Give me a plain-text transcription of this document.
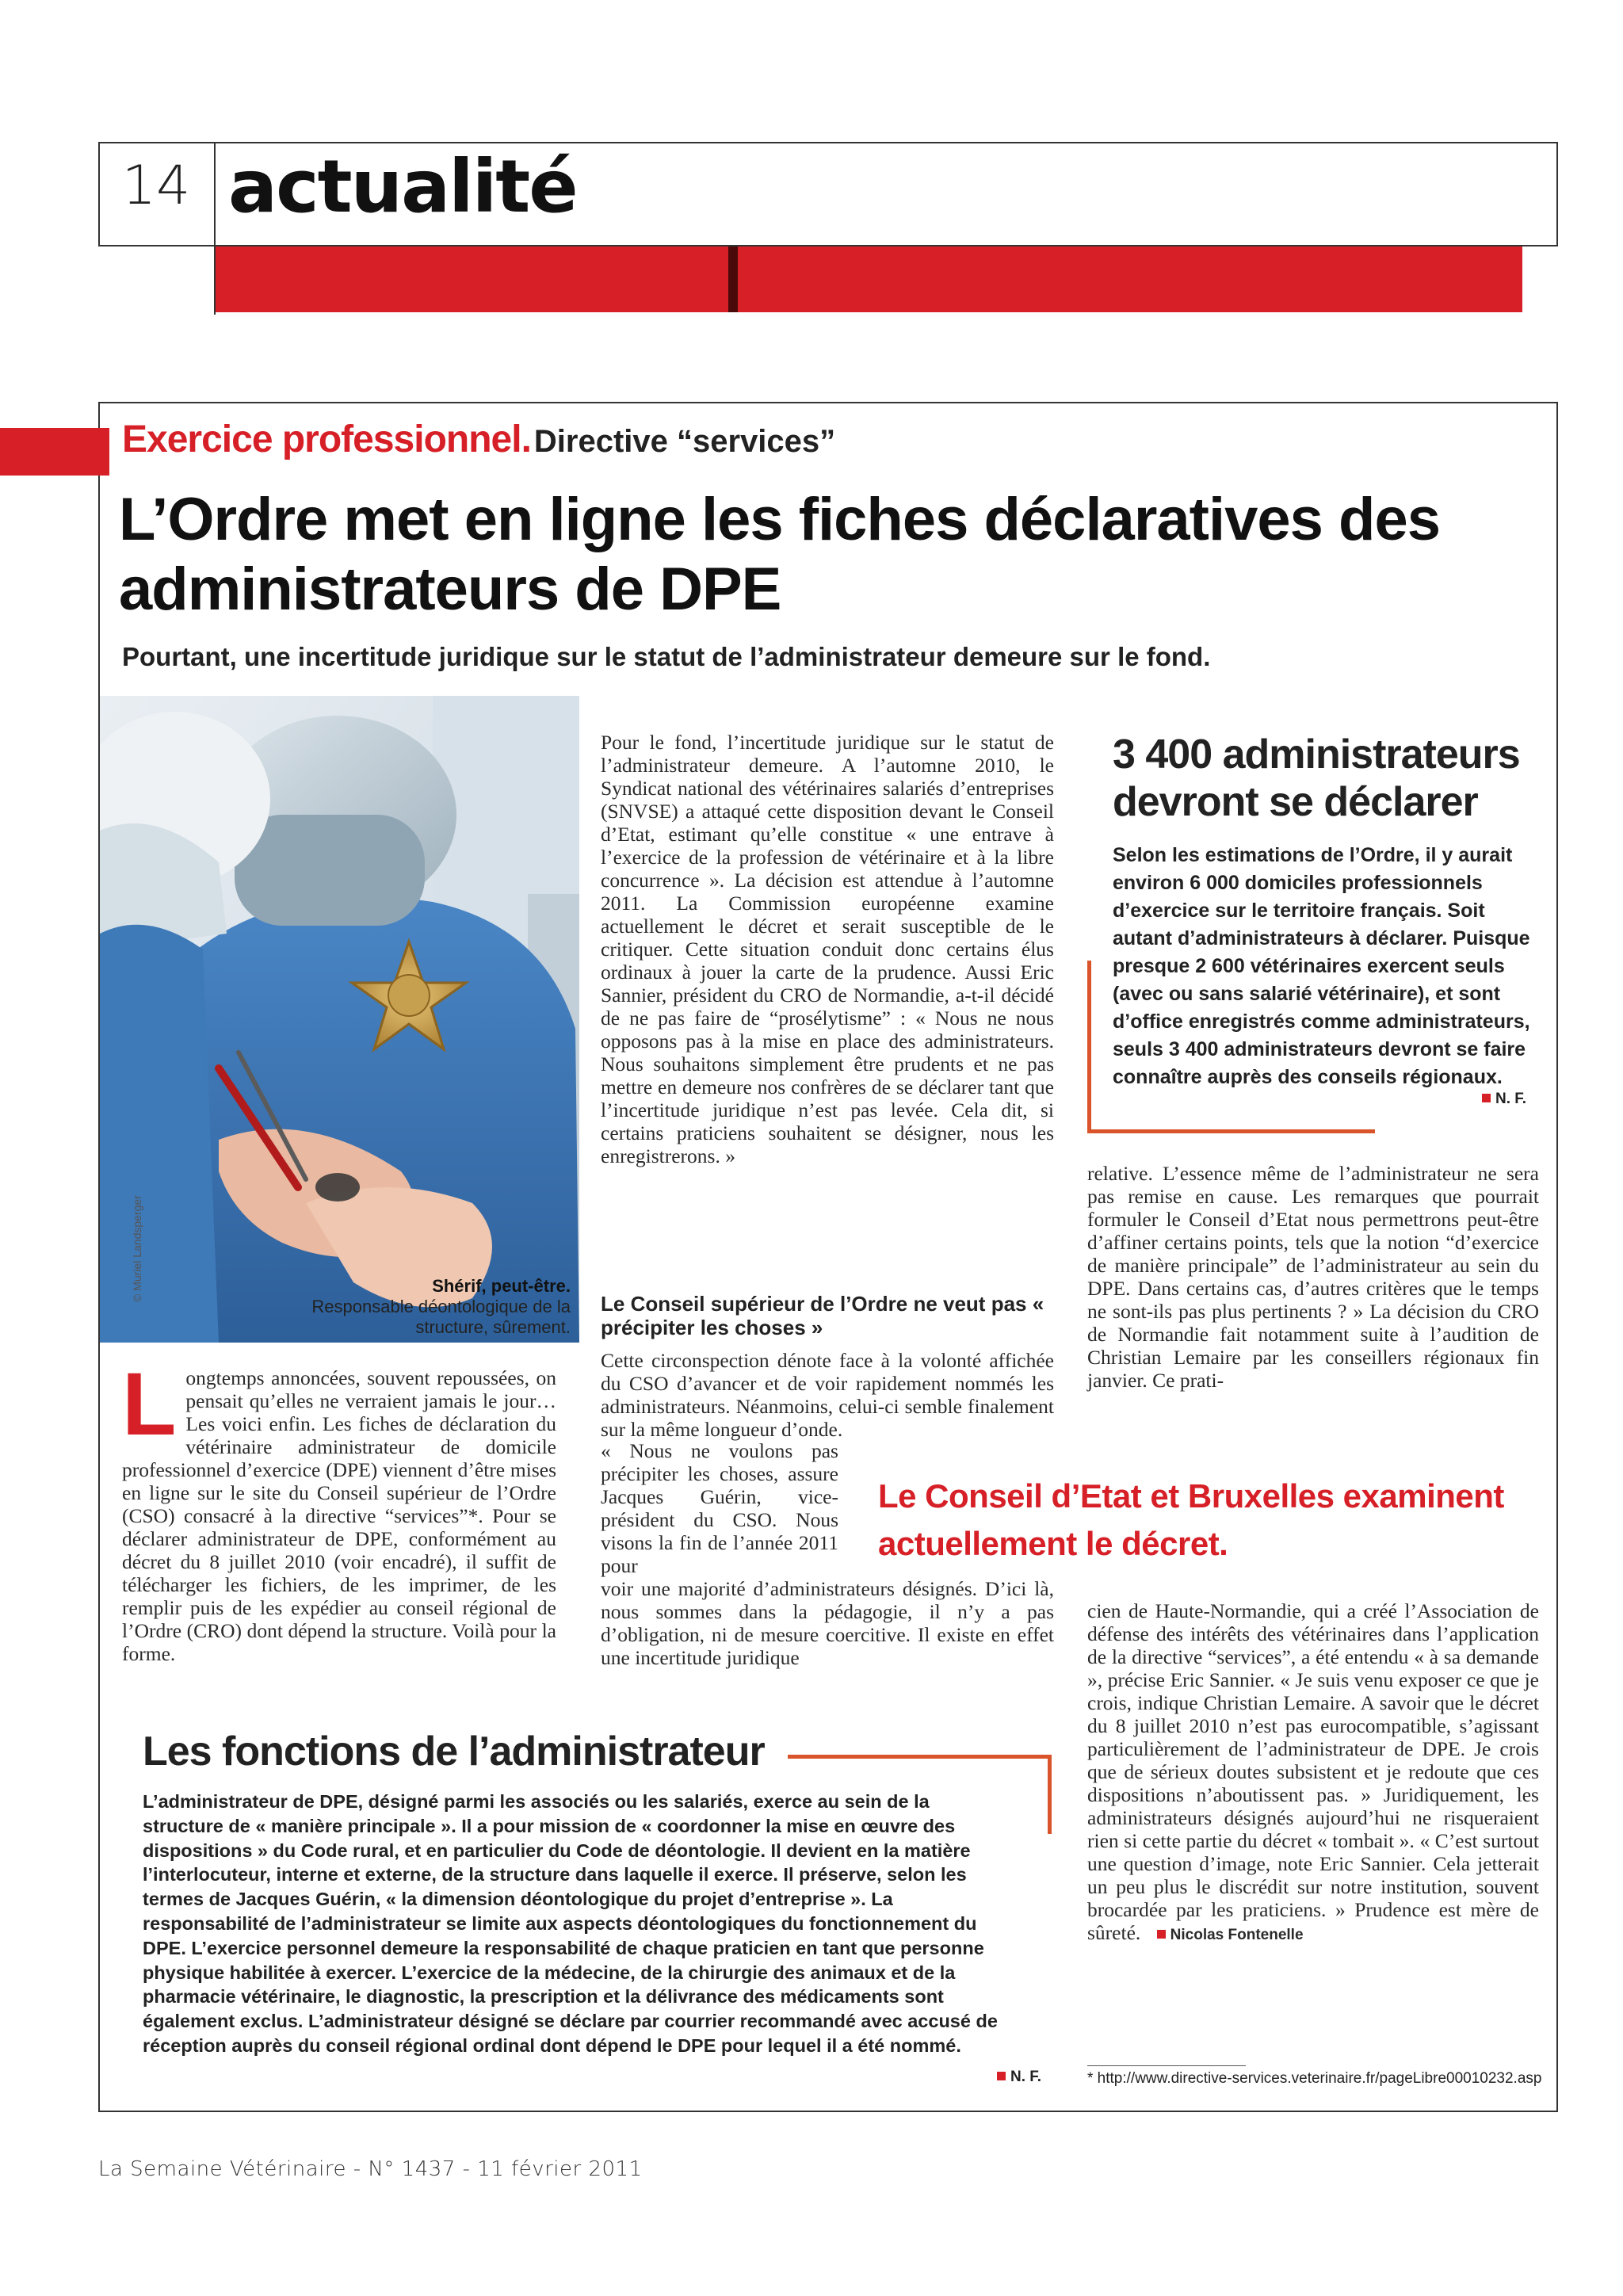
14 actualité
Exercice professionnel. Directive “services”
L’Ordre met en ligne les fiches déclaratives des administrateurs de DPE
Pourtant, une incertitude juridique sur le statut de l’administrateur demeure sur le fond.
© Muriel Landsperger	Shérif, peut-être.
Responsable déontologique de la structure, sûrement.
Longtemps annoncées, souvent repoussées, on pensait qu’elles ne verraient jamais le jour… Les voici enfin. Les fiches de déclaration du vétérinaire administrateur de domicile professionnel d’exercice (DPE) viennent d’être mises en ligne sur le site du Conseil supérieur de l’Ordre (CSO) consacré à la directive “services”*. Pour se déclarer administrateur de DPE, conformément au décret du 8 juillet 2010 (voir encadré), il suffit de télécharger les fichiers, de les imprimer, de les remplir puis de les expédier au conseil régional de l’Ordre (CRO) dont dépend la structure. Voilà pour la forme.
Pour le fond, l’incertitude juridique sur le statut de l’administrateur demeure. A l’automne 2010, le Syndicat national des vétérinaires salariés d’entreprises (SNVSE) a attaqué cette disposition devant le Conseil d’Etat, estimant qu’elle constitue « une entrave à l’exercice de la profession de vétérinaire et à la libre concurrence ». La décision est attendue à l’automne 2011. La Commission européenne examine actuellement le décret et serait susceptible de le critiquer. Cette situation conduit donc certains élus ordinaux à jouer la carte de la prudence. Aussi Eric Sannier, président du CRO de Normandie, a-t-il décidé de ne pas faire de “prosélytisme” : « Nous ne nous opposons pas à la mise en place des administrateurs. Nous souhaitons simplement être prudents et ne pas mettre en demeure nos confrères de se déclarer tant que l’incertitude juridique n’est pas levée. Cela dit, si certains praticiens souhaitent se désigner, nous les enregistrerons. »
Le Conseil supérieur de l’Ordre ne veut pas « précipiter les choses »
Cette circonspection dénote face à la volonté affichée du CSO d’avancer et de voir rapidement nommés les administrateurs. Néanmoins, celui-ci semble finalement sur la même longueur d’onde.
« Nous ne voulons pas précipiter les choses, assure Jacques Guérin, vice-président du CSO. Nous visons la fin de l’année 2011 pour
voir une majorité d’administrateurs désignés. D’ici là, nous sommes dans la pédagogie, il n’y a pas d’obligation, ni de mesure coercitive. Il existe en effet une incertitude juridique
3 400 administrateurs devront se déclarer
Selon les estimations de l’Ordre, il y aurait environ 6 000 domiciles professionnels d’exercice sur le territoire français. Soit autant d’administrateurs à déclarer. Puisque presque 2 600 vétérinaires exercent seuls (avec ou sans salarié vétérinaire), et sont d’office enregistrés comme administrateurs, seuls 3 400 administrateurs devront se faire connaître auprès des conseils régionaux.
N. F.
relative. L’essence même de l’administrateur ne sera pas remise en cause. Les remarques que pourrait formuler le Conseil d’Etat nous permettrons peut-être d’affiner certains points, tels que la notion “d’exercice de manière principale” de l’administrateur au sein du DPE. Dans certains cas, d’autres critères que le temps ne sont-ils pas plus pertinents ? » La décision du CRO de Normandie fait notamment suite à l’audition de Christian Lemaire par les conseillers régionaux fin janvier. Ce prati-
Le Conseil d’Etat et Bruxelles examinent actuellement le décret.
cien de Haute-Normandie, qui a créé l’Association de défense des intérêts des vétérinaires dans l’application de la directive “services”, a été entendu « à sa demande », précise Eric Sannier. « Je suis venu exposer ce que je crois, indique Christian Lemaire. A savoir que le décret du 8 juillet 2010 n’est pas eurocompatible, s’agissant particulièrement de l’administrateur de DPE. Je crois que de sérieux doutes subsistent et je redoute que ces dispositions n’aboutissent pas. » Juridiquement, les administrateurs désignés aujourd’hui ne risqueraient rien si cette partie du décret « tombait ». « C’est surtout une question d’image, note Eric Sannier. Cela jetterait un peu plus le discrédit sur notre institution, souvent brocardée par les praticiens. » Prudence est mère de sûreté. Nicolas Fontenelle
Les fonctions de l’administrateur
L’administrateur de DPE, désigné parmi les associés ou les salariés, exerce au sein de la structure de « manière principale ». Il a pour mission de « coordonner la mise en œuvre des dispositions » du Code rural, et en particulier du Code de déontologie. Il devient en la matière l’interlocuteur, interne et externe, de la structure dans laquelle il exerce. Il préserve, selon les termes de Jacques Guérin, « la dimension déontologique du projet d’entreprise ». La responsabilité de l’administrateur se limite aux aspects déontologiques du fonctionnement du DPE. L’exercice personnel demeure la responsabilité de chaque praticien en tant que personne physique habilitée à exercer. L’exercice de la médecine, de la chirurgie des animaux et de la pharmacie vétérinaire, le diagnostic, la prescription et la délivrance des médicaments sont également exclus. L’administrateur désigné se déclare par courrier recommandé avec accusé de réception auprès du conseil régional ordinal dont dépend le DPE pour lequel il a été nommé.
N. F.	* http://www.directive-services.veterinaire.fr/pageLibre00010232.asp
La Semaine Vétérinaire - N° 1437 - 11 février 2011
